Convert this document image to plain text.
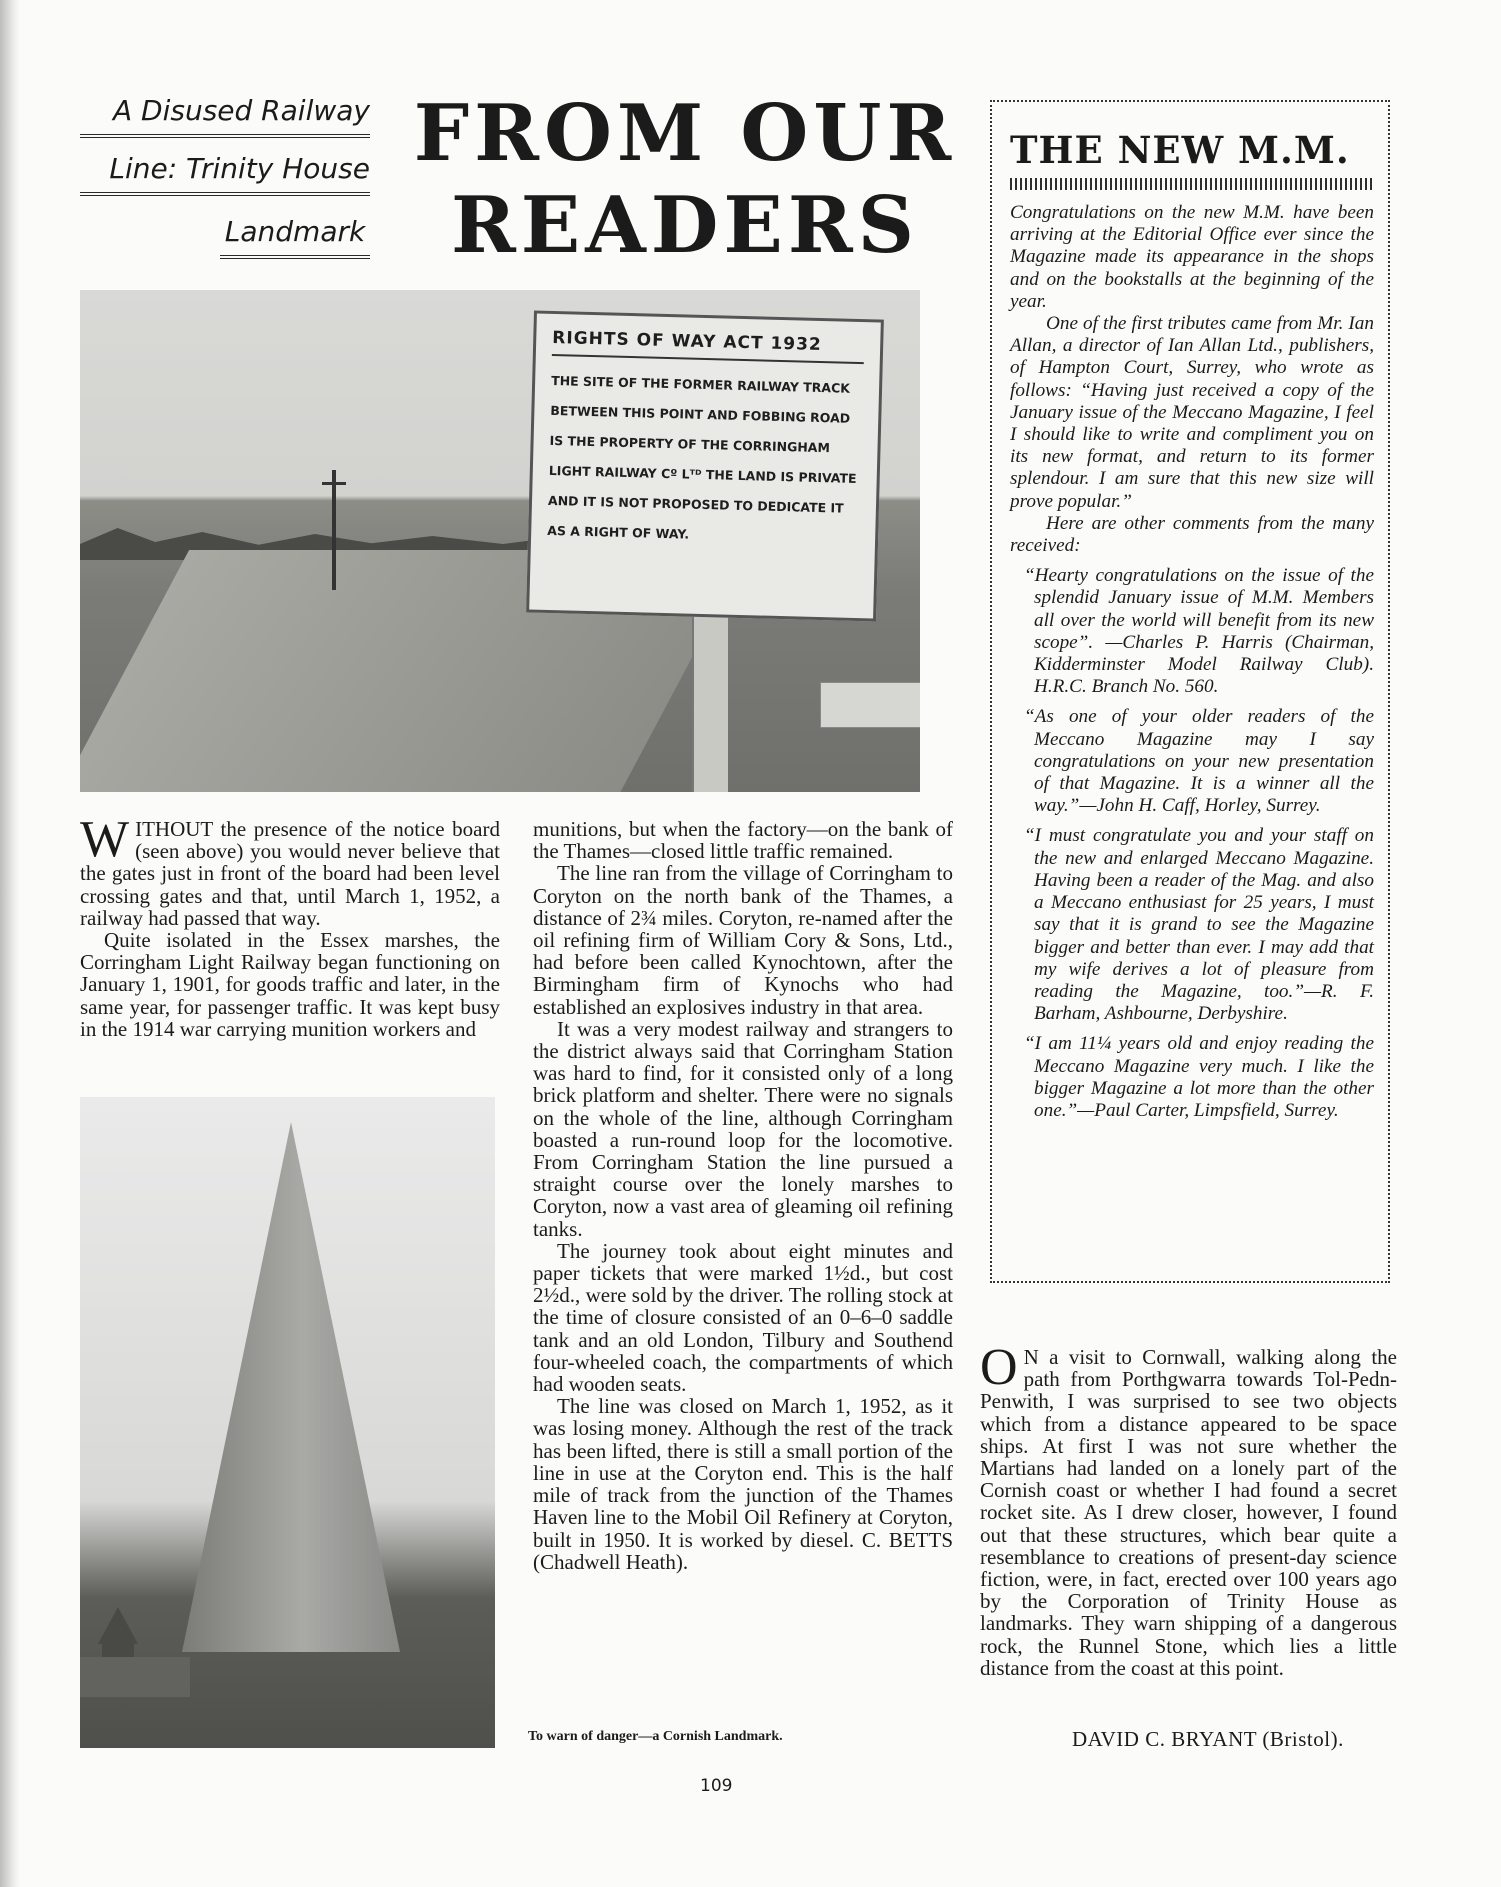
A Disused Railway
Line: Trinity House
Landmark
FROM OUR
READERS
RIGHTS OF WAY ACT 1932
THE SITE OF THE FORMER RAILWAY TRACK BETWEEN THIS POINT AND FOBBING ROAD IS THE PROPERTY OF THE CORRINGHAM LIGHT RAILWAY Cº Lᵀᴰ THE LAND IS PRIVATE AND IT IS NOT PROPOSED TO DEDICATE IT AS A RIGHT OF WAY.

WITHOUT the presence of the notice board (seen above) you would never believe that the gates just in front of the board had been level crossing gates and that, until March 1, 1952, a railway had passed that way.

Quite isolated in the Essex marshes, the Corringham Light Railway began functioning on January 1, 1901, for goods traffic and later, in the same year, for passenger traffic. It was kept busy in the 1914 war carrying munition workers and

munitions, but when the factory—on the bank of the Thames—closed little traffic remained.

The line ran from the village of Corringham to Coryton on the north bank of the Thames, a distance of 2¾ miles. Coryton, re-named after the oil refining firm of William Cory & Sons, Ltd., had before been called Kynochtown, after the Birmingham firm of Kynochs who had established an explosives industry in that area.

It was a very modest railway and strangers to the district always said that Corringham Station was hard to find, for it consisted only of a long brick platform and shelter. There were no signals on the whole of the line, although Corringham boasted a run-round loop for the locomotive. From Corringham Station the line pursued a straight course over the lonely marshes to Coryton, now a vast area of gleaming oil refining tanks.

The journey took about eight minutes and paper tickets that were marked 1½d., but cost 2½d., were sold by the driver. The rolling stock at the time of closure consisted of an 0–6–0 saddle tank and an old London, Tilbury and Southend four-wheeled coach, the compartments of which had wooden seats.

The line was closed on March 1, 1952, as it was losing money. Although the rest of the track has been lifted, there is still a small portion of the line in use at the Coryton end. This is the half mile of track from the junction of the Thames Haven line to the Mobil Oil Refinery at Coryton, built in 1950. It is worked by diesel. C. BETTS (Chadwell Heath).

To warn of danger—a Cornish Landmark.
109
THE NEW M.M.

Congratulations on the new M.M. have been arriving at the Editorial Office ever since the Magazine made its appearance in the shops and on the bookstalls at the beginning of the year.

One of the first tributes came from Mr. Ian Allan, a director of Ian Allan Ltd., publishers, of Hampton Court, Surrey, who wrote as follows: “Having just received a copy of the January issue of the Meccano Magazine, I feel I should like to write and compliment you on its new format, and return to its former splendour. I am sure that this new size will prove popular.”

Here are other comments from the many received:

“Hearty congratulations on the issue of the splendid January issue of M.M. Members all over the world will benefit from its new scope”. —Charles P. Harris (Chairman, Kidderminster Model Railway Club). H.R.C. Branch No. 560.

“As one of your older readers of the Meccano Magazine may I say congratulations on your new presentation of that Magazine. It is a winner all the way.”—John H. Caff, Horley, Surrey.

“I must congratulate you and your staff on the new and enlarged Meccano Magazine. Having been a reader of the Mag. and also a Meccano enthusiast for 25 years, I must say that it is grand to see the Magazine bigger and better than ever. I may add that my wife derives a lot of pleasure from reading the Magazine, too.”—R. F. Barham, Ashbourne, Derbyshire.

“I am 11¼ years old and enjoy reading the Meccano Magazine very much. I like the bigger Magazine a lot more than the other one.”—Paul Carter, Limpsfield, Surrey.

O N a visit to Cornwall, walking along the path from Porthgwarra towards Tol-Pedn-Penwith, I was surprised to see two objects which from a distance appeared to be space ships. At first I was not sure whether the Martians had landed on a lonely part of the Cornish coast or whether I had found a secret rocket site. As I drew closer, however, I found out that these structures, which bear quite a resemblance to creations of present-day science fiction, were, in fact, erected over 100 years ago by the Corporation of Trinity House as landmarks. They warn shipping of a dangerous rock, the Runnel Stone, which lies a little distance from the coast at this point.

DAVID C. BRYANT (Bristol).
